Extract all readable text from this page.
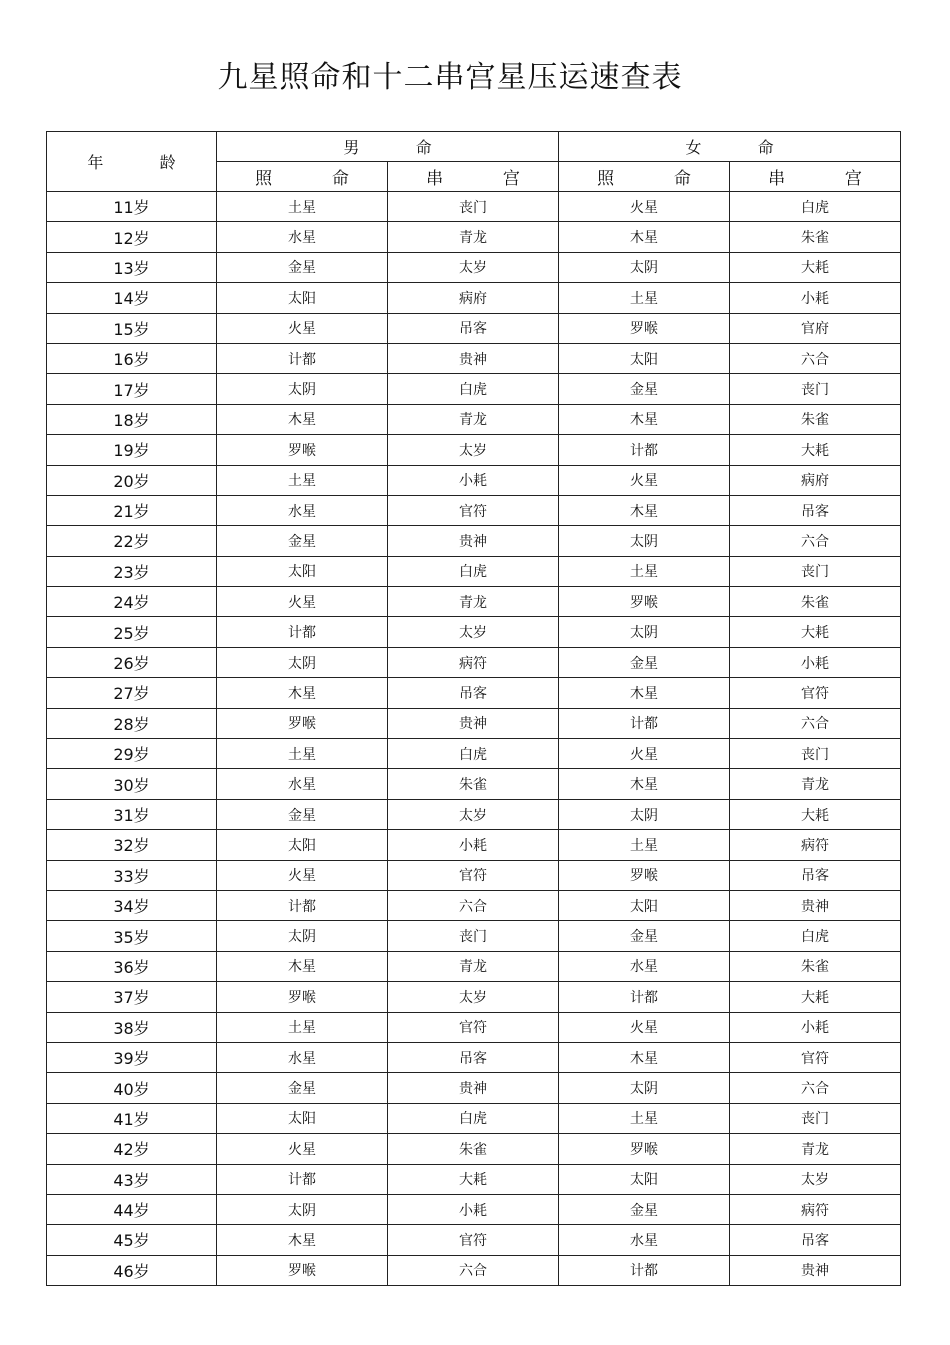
九星照命和十二串宫星压运速查表
年 龄	男 命		女 命	
	照 命	串 宫	照 命	串 宫
11岁	土星	丧门	火星	白虎
12岁	水星	青龙	木星	朱雀
13岁	金星	太岁	太阴	大耗
14岁	太阳	病府	土星	小耗
15岁	火星	吊客	罗喉	官府
16岁	计都	贵神	太阳	六合
17岁	太阴	白虎	金星	丧门
18岁	木星	青龙	木星	朱雀
19岁	罗喉	太岁	计都	大耗
20岁	土星	小耗	火星	病府
21岁	水星	官符	木星	吊客
22岁	金星	贵神	太阴	六合
23岁	太阳	白虎	土星	丧门
24岁	火星	青龙	罗喉	朱雀
25岁	计都	太岁	太阴	大耗
26岁	太阴	病符	金星	小耗
27岁	木星	吊客	木星	官符
28岁	罗喉	贵神	计都	六合
29岁	土星	白虎	火星	丧门
30岁	水星	朱雀	木星	青龙
31岁	金星	太岁	太阴	大耗
32岁	太阳	小耗	土星	病符
33岁	火星	官符	罗喉	吊客
34岁	计都	六合	太阳	贵神
35岁	太阴	丧门	金星	白虎
36岁	木星	青龙	水星	朱雀
37岁	罗喉	太岁	计都	大耗
38岁	土星	官符	火星	小耗
39岁	水星	吊客	木星	官符
40岁	金星	贵神	太阴	六合
41岁	太阳	白虎	土星	丧门
42岁	火星	朱雀	罗喉	青龙
43岁	计都	大耗	太阳	太岁
44岁	太阴	小耗	金星	病符
45岁	木星	官符	水星	吊客
46岁	罗喉	六合	计都	贵神
